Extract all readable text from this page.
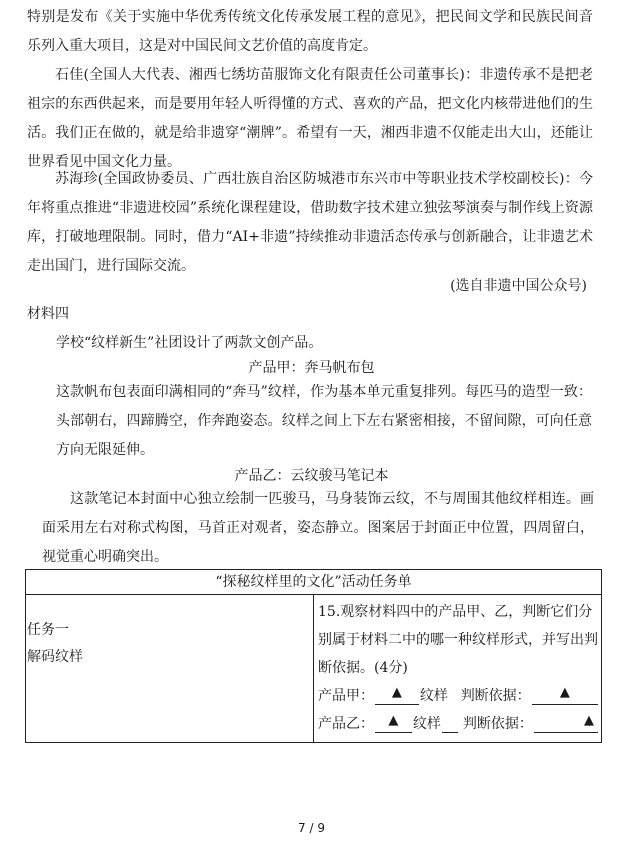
特别是发布《关于实施中华优秀传统文化传承发展工程的意见》，把民间文学和民族民间音乐列入重大项目，这是对中国民间文艺价值的高度肯定。
石佳(全国人大代表、湘西七绣坊苗服饰文化有限责任公司董事长)：非遗传承不是把老祖宗的东西供起来，而是要用年轻人听得懂的方式、喜欢的产品，把文化内核带进他们的生活。我们正在做的，就是给非遗穿“潮牌”。希望有一天，湘西非遗不仅能走出大山，还能让世界看见中国文化力量。
苏海珍(全国政协委员、广西壮族自治区防城港市东兴市中等职业技术学校副校长)：今年将重点推进“非遗进校园”系统化课程建设，借助数字技术建立独弦琴演奏与制作线上资源库，打破地理限制。同时，借力“AI+非遗”持续推动非遗活态传承与创新融合，让非遗艺术走出国门，进行国际交流。
(选自非遗中国公众号)
材料四
学校“纹样新生”社团设计了两款文创产品。
产品甲：奔马帆布包
这款帆布包表面印满相同的“奔马”纹样，作为基本单元重复排列。每匹马的造型一致：头部朝右，四蹄腾空，作奔跑姿态。纹样之间上下左右紧密相接，不留间隙，可向任意方向无限延伸。
产品乙：云纹骏马笔记本
这款笔记本封面中心独立绘制一匹骏马，马身装饰云纹，不与周围其他纹样相连。画面采用左右对称式构图，马首正对观者，姿态静立。图案居于封面正中位置，四周留白，视觉重心明确突出。
“探秘纹样里的文化”活动任务单

任务一
解码纹样

15.观察材料四中的产品甲、乙，判断它们分别属于材料二中的哪一种纹样形式，并写出判断依据。(4分)
产品甲： ▲ 纹样 判断依据： ▲
产品乙： ▲ 纹样 判断依据：	▲
7 / 9
